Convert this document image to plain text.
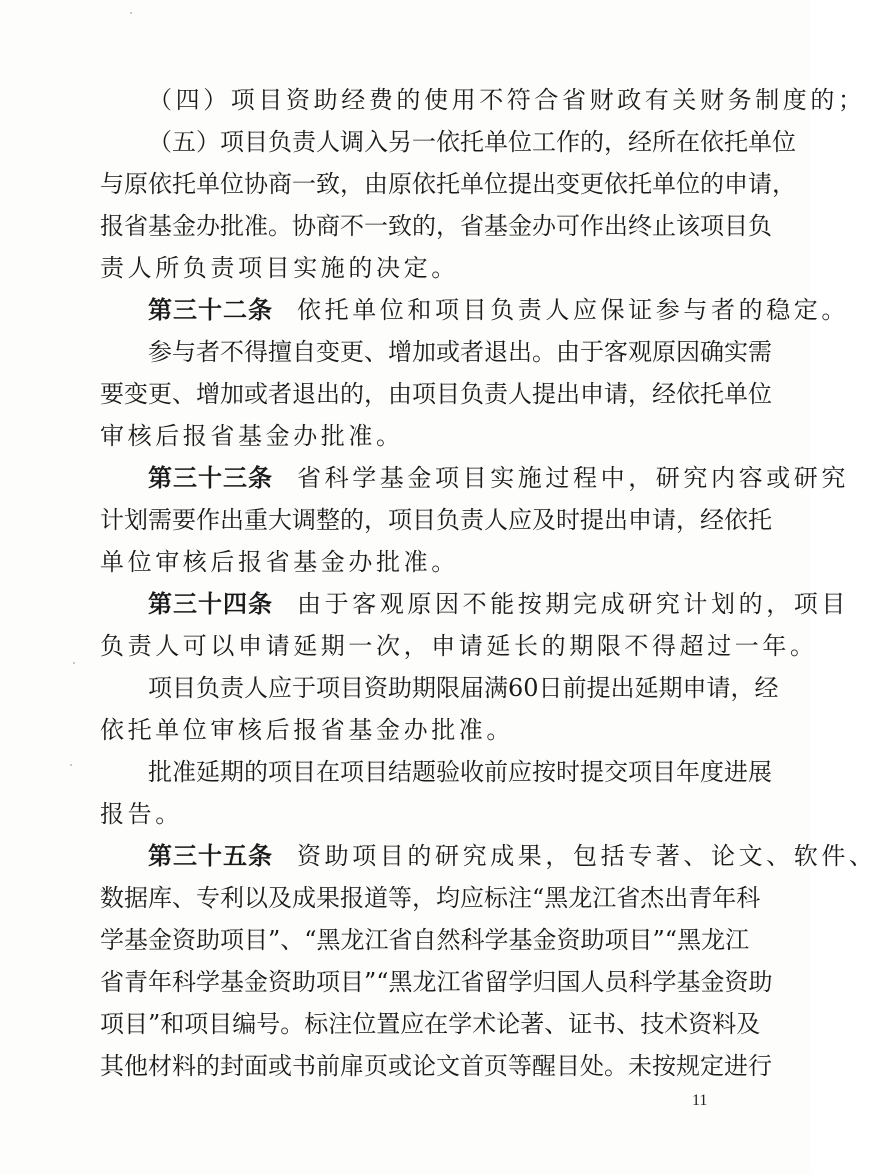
（四）项目资助经费的使用不符合省财政有关财务制度的；
（五）项目负责人调入另一依托单位工作的，经所在依托单位
与原依托单位协商一致，由原依托单位提出变更依托单位的申请，
报省基金办批准。协商不一致的，省基金办可作出终止该项目负
责人所负责项目实施的决定。
第三十二条 依托单位和项目负责人应保证参与者的稳定。
参与者不得擅自变更、增加或者退出。由于客观原因确实需
要变更、增加或者退出的，由项目负责人提出申请，经依托单位
审核后报省基金办批准。
第三十三条 省科学基金项目实施过程中，研究内容或研究
计划需要作出重大调整的，项目负责人应及时提出申请，经依托
单位审核后报省基金办批准。
第三十四条 由于客观原因不能按期完成研究计划的，项目
负责人可以申请延期一次，申请延长的期限不得超过一年。
项目负责人应于项目资助期限届满60日前提出延期申请，经
依托单位审核后报省基金办批准。
批准延期的项目在项目结题验收前应按时提交项目年度进展
报告。
第三十五条 资助项目的研究成果，包括专著、论文、软件、
数据库、专利以及成果报道等，均应标注“黑龙江省杰出青年科
学基金资助项目”、“黑龙江省自然科学基金资助项目”“黑龙江
省青年科学基金资助项目”“黑龙江省留学归国人员科学基金资助
项目”和项目编号。标注位置应在学术论著、证书、技术资料及
其他材料的封面或书前扉页或论文首页等醒目处。未按规定进行
11
